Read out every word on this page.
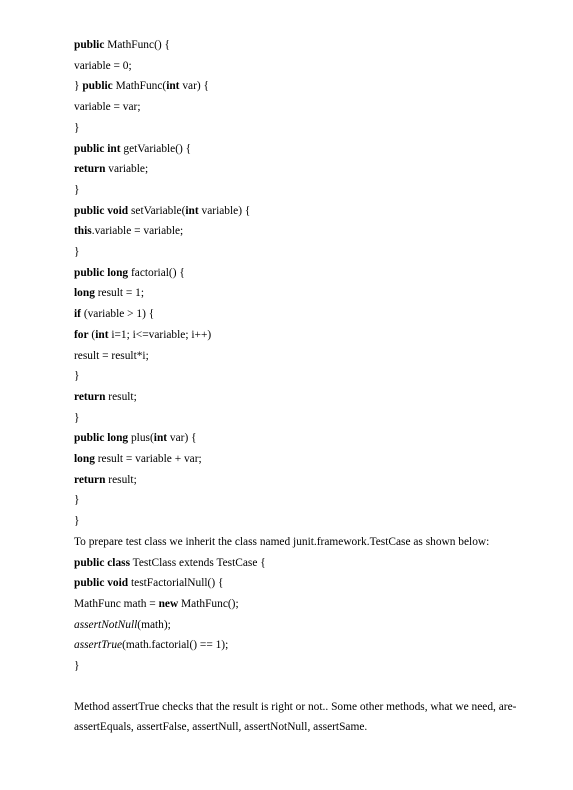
public MathFunc() {
variable = 0;
} public MathFunc(int var) {
variable = var;
}
public int getVariable() {
return variable;
}
public void setVariable(int variable) {
this.variable = variable;
}
public long factorial() {
long result = 1;
if (variable > 1) {
for (int i=1; i<=variable; i++)
result = result*i;
}
return result;
}
public long plus(int var) {
long result = variable + var;
return result;
}
}
To prepare test class we inherit the class named junit.framework.TestCase as shown below:
public class TestClass extends TestCase {
public void testFactorialNull() {
MathFunc math = new MathFunc();
assertNotNull(math);
assertTrue(math.factorial() == 1);
}
Method assertTrue checks that the result is right or not.. Some other methods, what we need, are-
assertEquals, assertFalse, assertNull, assertNotNull, assertSame.
